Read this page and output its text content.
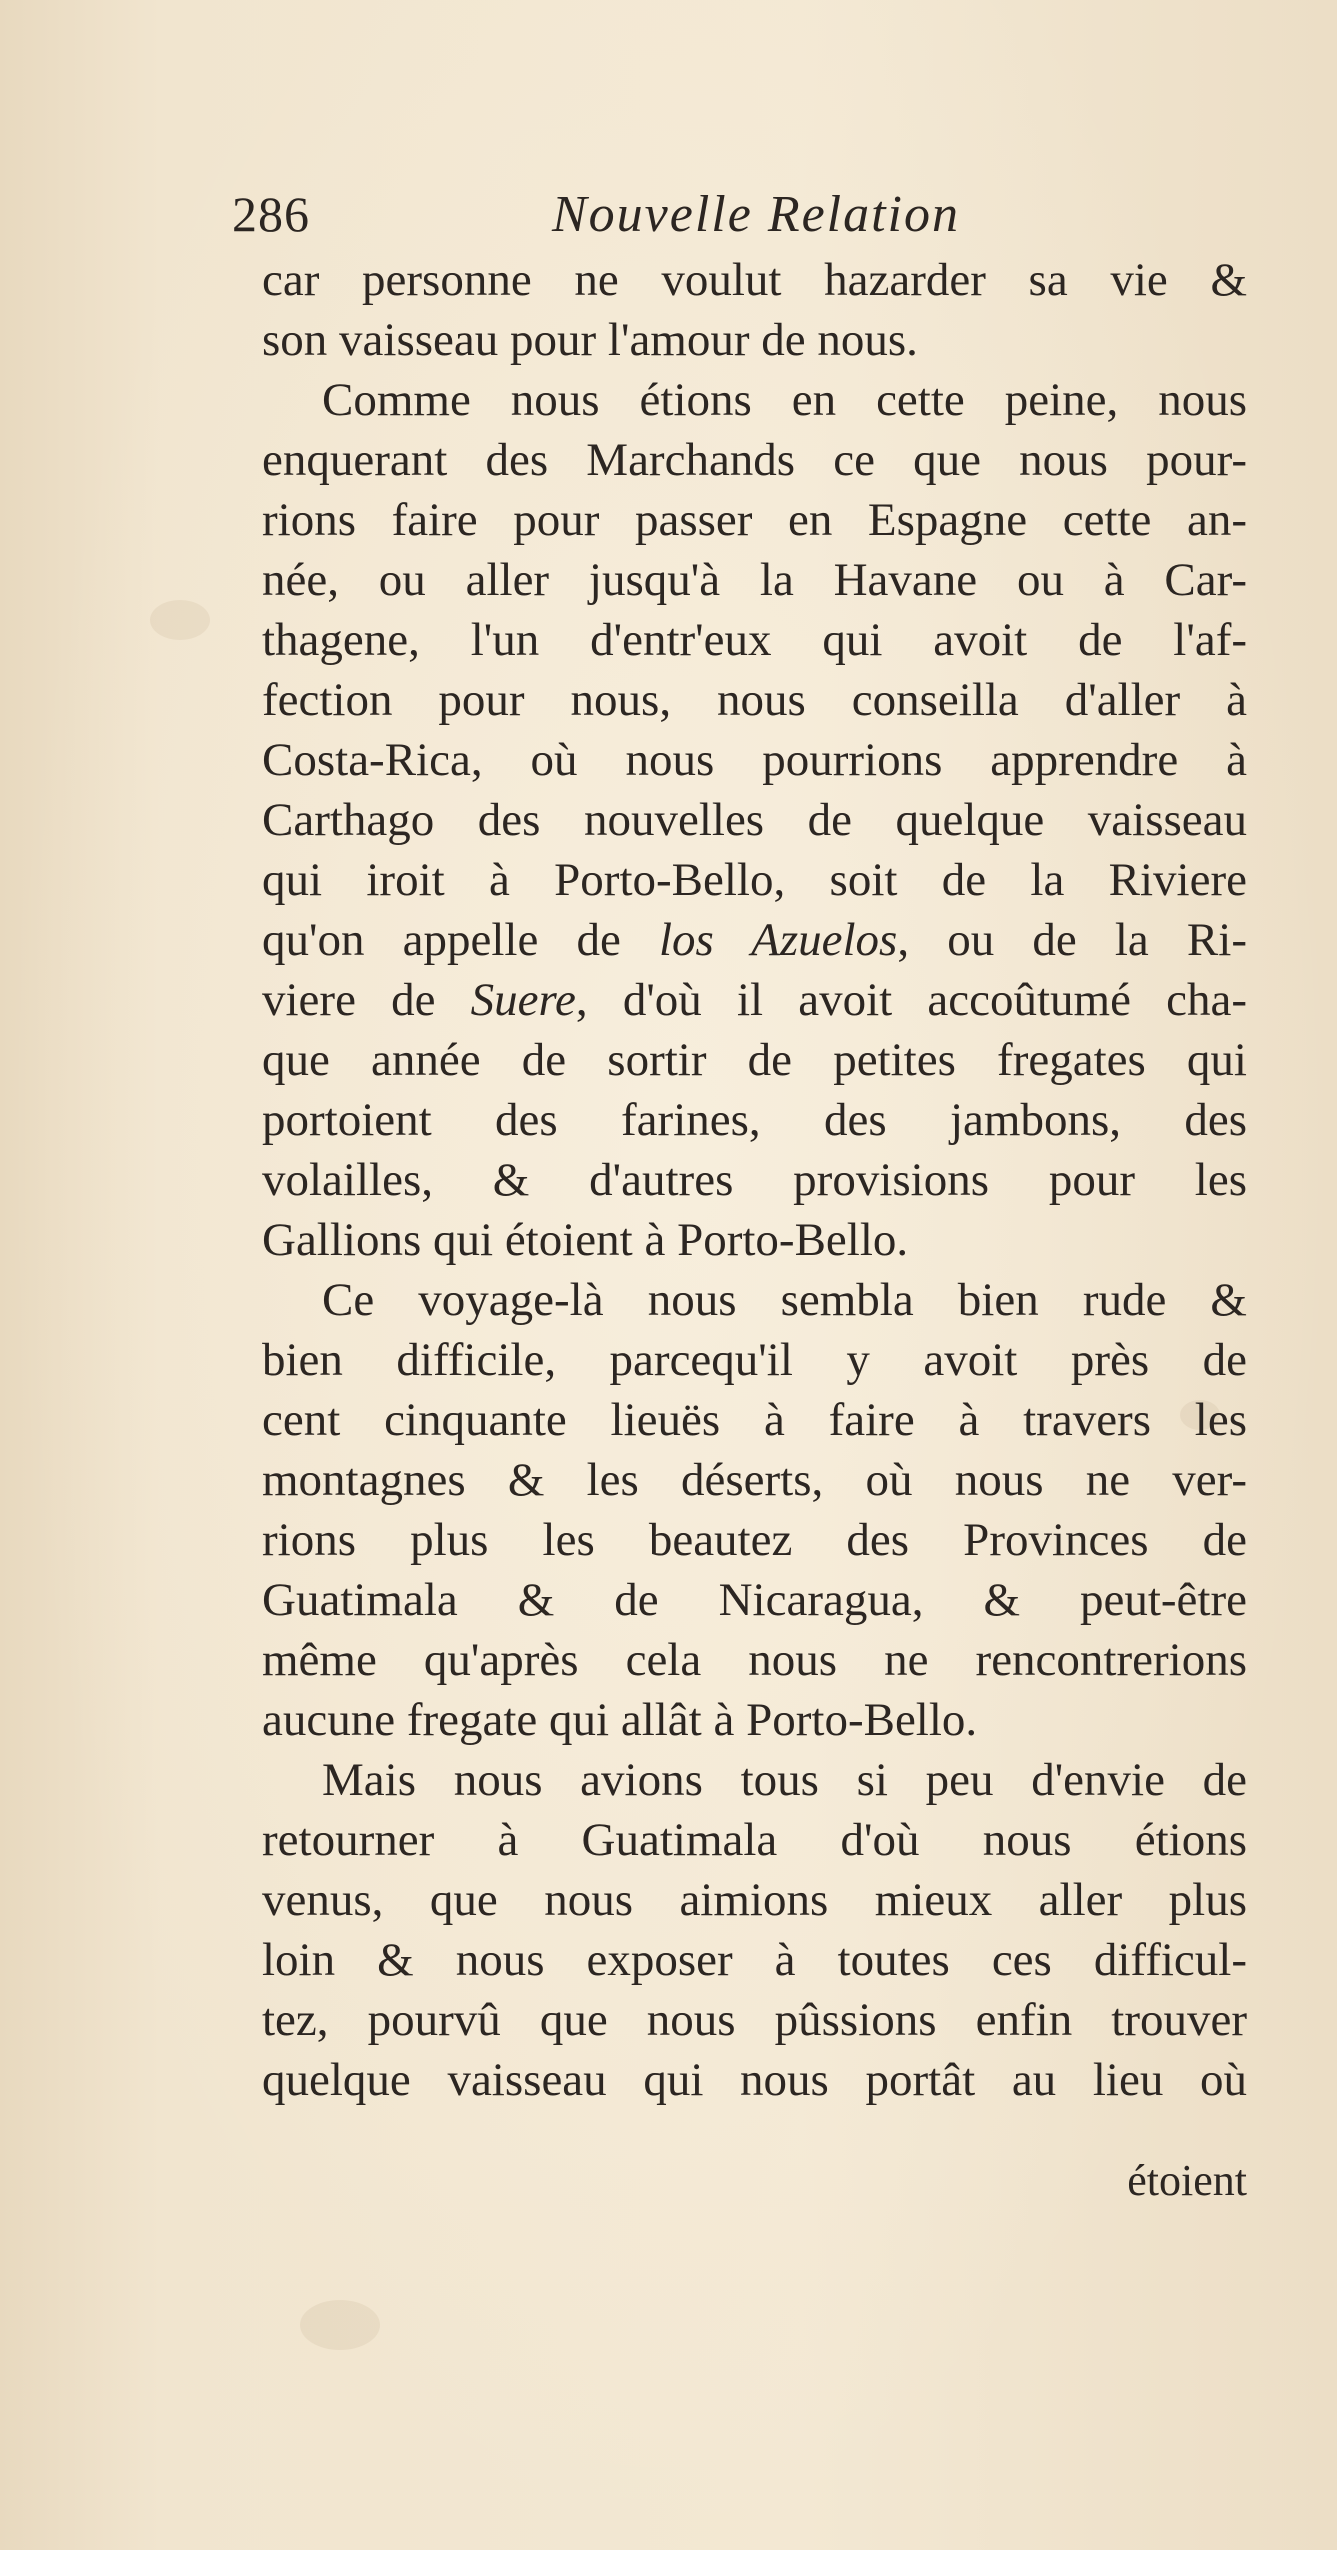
286	Nouvelle Relation
car personne ne voulut hazarder sa vie &
son vaisseau pour l'amour de nous.
Comme nous étions en cette peine, nous
enquerant des Marchands ce que nous pour-
rions faire pour passer en Espagne cette an-
née, ou aller jusqu'à la Havane ou à Car-
thagene, l'un d'entr'eux qui avoit de l'af-
fection pour nous, nous conseilla d'aller à
Costa-Rica, où nous pourrions apprendre à
Carthago des nouvelles de quelque vaisseau
qui iroit à Porto-Bello, soit de la Riviere
qu'on appelle de los Azuelos, ou de la Ri-
viere de Suere, d'où il avoit accoûtumé cha-
que année de sortir de petites fregates qui
portoient des farines, des jambons, des
volailles, & d'autres provisions pour les
Gallions qui étoient à Porto-Bello.
Ce voyage-là nous sembla bien rude &
bien difficile, parcequ'il y avoit près de
cent cinquante lieuës à faire à travers les
montagnes & les déserts, où nous ne ver-
rions plus les beautez des Provinces de
Guatimala & de Nicaragua, & peut-être
même qu'après cela nous ne rencontrerions
aucune fregate qui allât à Porto-Bello.
Mais nous avions tous si peu d'envie de
retourner à Guatimala d'où nous étions
venus, que nous aimions mieux aller plus
loin & nous exposer à toutes ces difficul-
tez, pourvû que nous pûssions enfin trouver
quelque vaisseau qui nous portât au lieu où
étoient
